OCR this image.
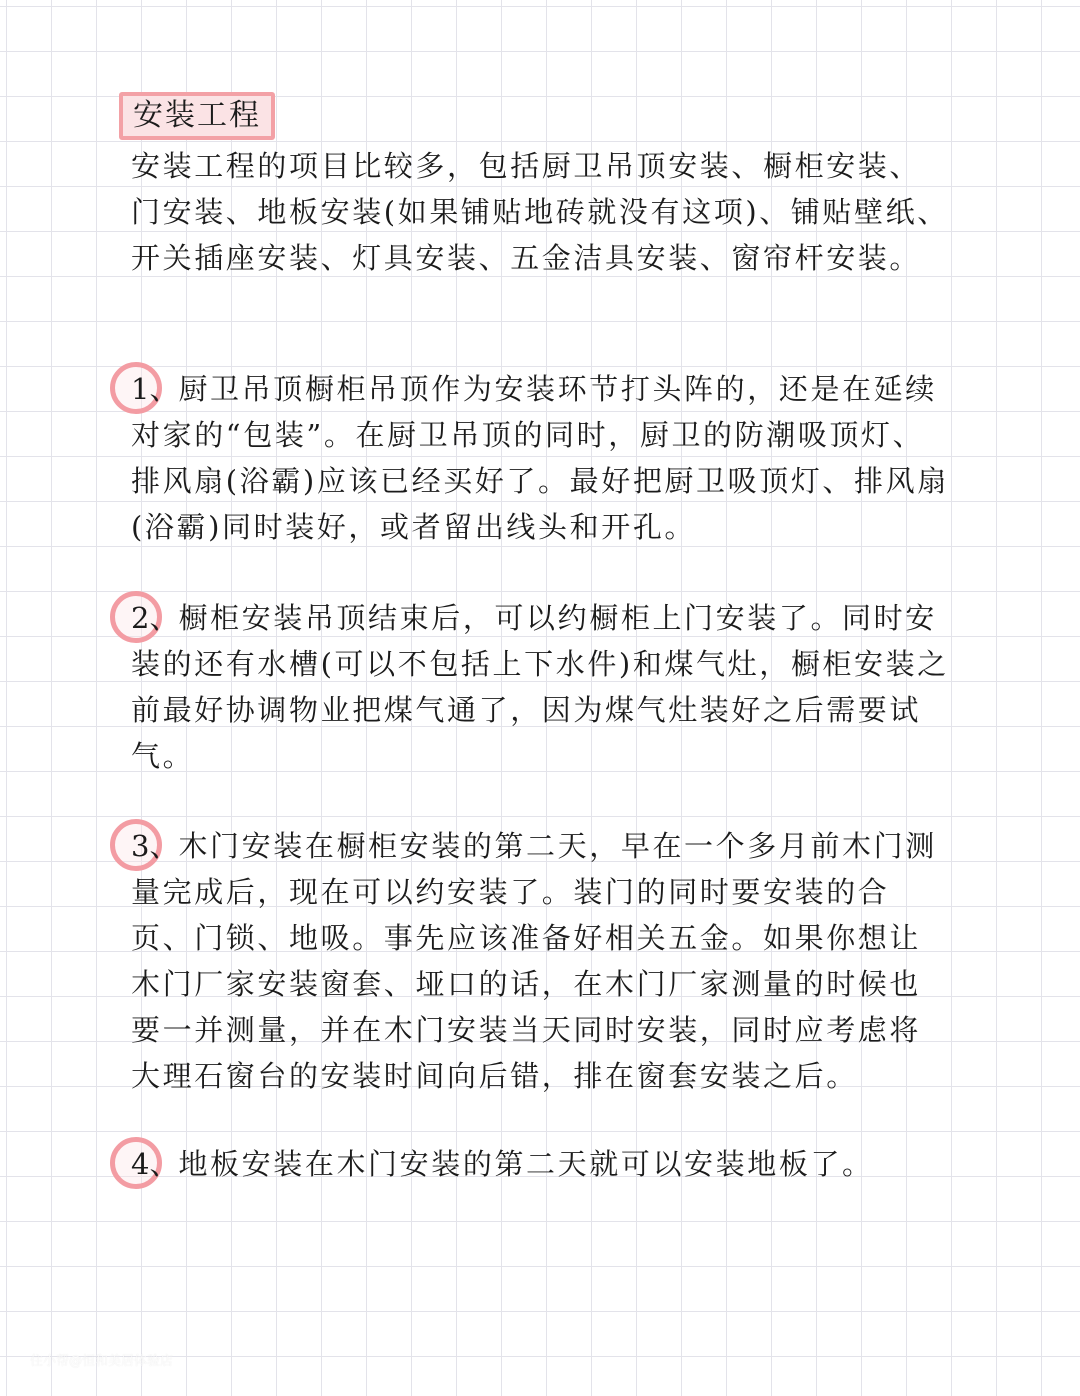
安装工程

安装工程的项目比较多，包括厨卫吊顶安装、橱柜安装、门安装、地板安装(如果铺贴地砖就没有这项)、铺贴壁纸、开关插座安装、灯具安装、五金洁具安装、窗帘杆安装。

1、厨卫吊顶橱柜吊顶作为安装环节打头阵的，还是在延续对家的“包装”。在厨卫吊顶的同时，厨卫的防潮吸顶灯、排风扇(浴霸)应该已经买好了。最好把厨卫吸顶灯、排风扇(浴霸)同时装好，或者留出线头和开孔。

2、橱柜安装吊顶结束后，可以约橱柜上门安装了。同时安装的还有水槽(可以不包括上下水件)和煤气灶，橱柜安装之前最好协调物业把煤气通了，因为煤气灶装好之后需要试气。

3、木门安装在橱柜安装的第二天，早在一个多月前木门测量完成后，现在可以约安装了。装门的同时要安装的合页、门锁、地吸。事先应该准备好相关五金。如果你想让木门厂家安装窗套、垭口的话，在木门厂家测量的时候也要一并测量，并在木门安装当天同时安装，同时应考虑将大理石窗台的安装时间向后错，排在窗套安装之后。

4、地板安装在木门安装的第二天就可以安装地板了。

住小帮@恒和美居体验店
